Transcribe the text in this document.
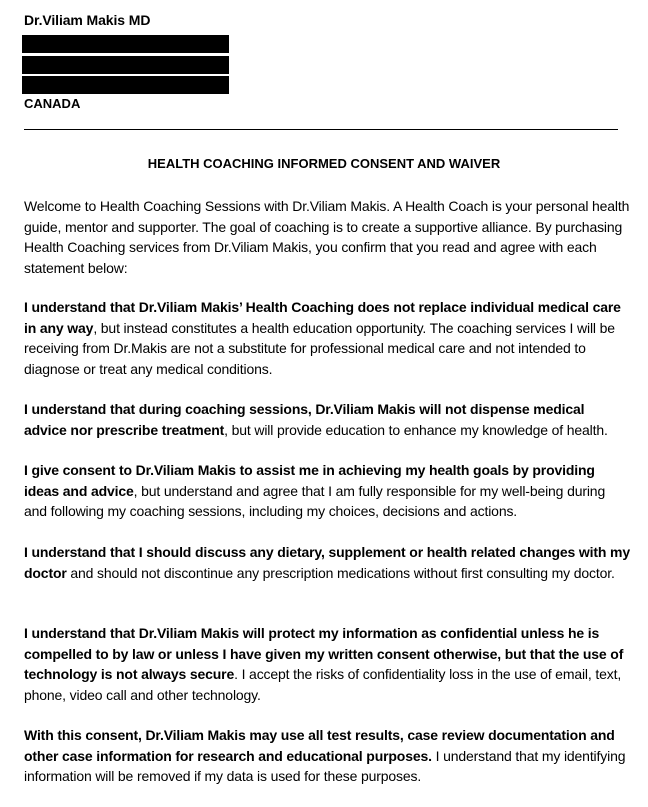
Dr.Viliam Makis MD
CANADA
HEALTH COACHING INFORMED CONSENT AND WAIVER

Welcome to Health Coaching Sessions with Dr.Viliam Makis. A Health Coach is your personal health guide, mentor and supporter. The goal of coaching is to create a supportive alliance. By purchasing Health Coaching services from Dr.Viliam Makis, you confirm that you read and agree with each statement below:

I understand that Dr.Viliam Makis’ Health Coaching does not replace individual medical care in any way, but instead constitutes a health education opportunity. The coaching services I will be receiving from Dr.Makis are not a substitute for professional medical care and not intended to diagnose or treat any medical conditions.

I understand that during coaching sessions, Dr.Viliam Makis will not dispense medical advice nor prescribe treatment, but will provide education to enhance my knowledge of health.

I give consent to Dr.Viliam Makis to assist me in achieving my health goals by providing ideas and advice, but understand and agree that I am fully responsible for my well-being during and following my coaching sessions, including my choices, decisions and actions.

I understand that I should discuss any dietary, supplement or health related changes with my doctor and should not discontinue any prescription medications without first consulting my doctor.

I understand that Dr.Viliam Makis will protect my information as confidential unless he is compelled to by law or unless I have given my written consent otherwise, but that the use of technology is not always secure. I accept the risks of confidentiality loss in the use of email, text, phone, video call and other technology.

With this consent, Dr.Viliam Makis may use all test results, case review documentation and other case information for research and educational purposes. I understand that my identifying information will be removed if my data is used for these purposes.
